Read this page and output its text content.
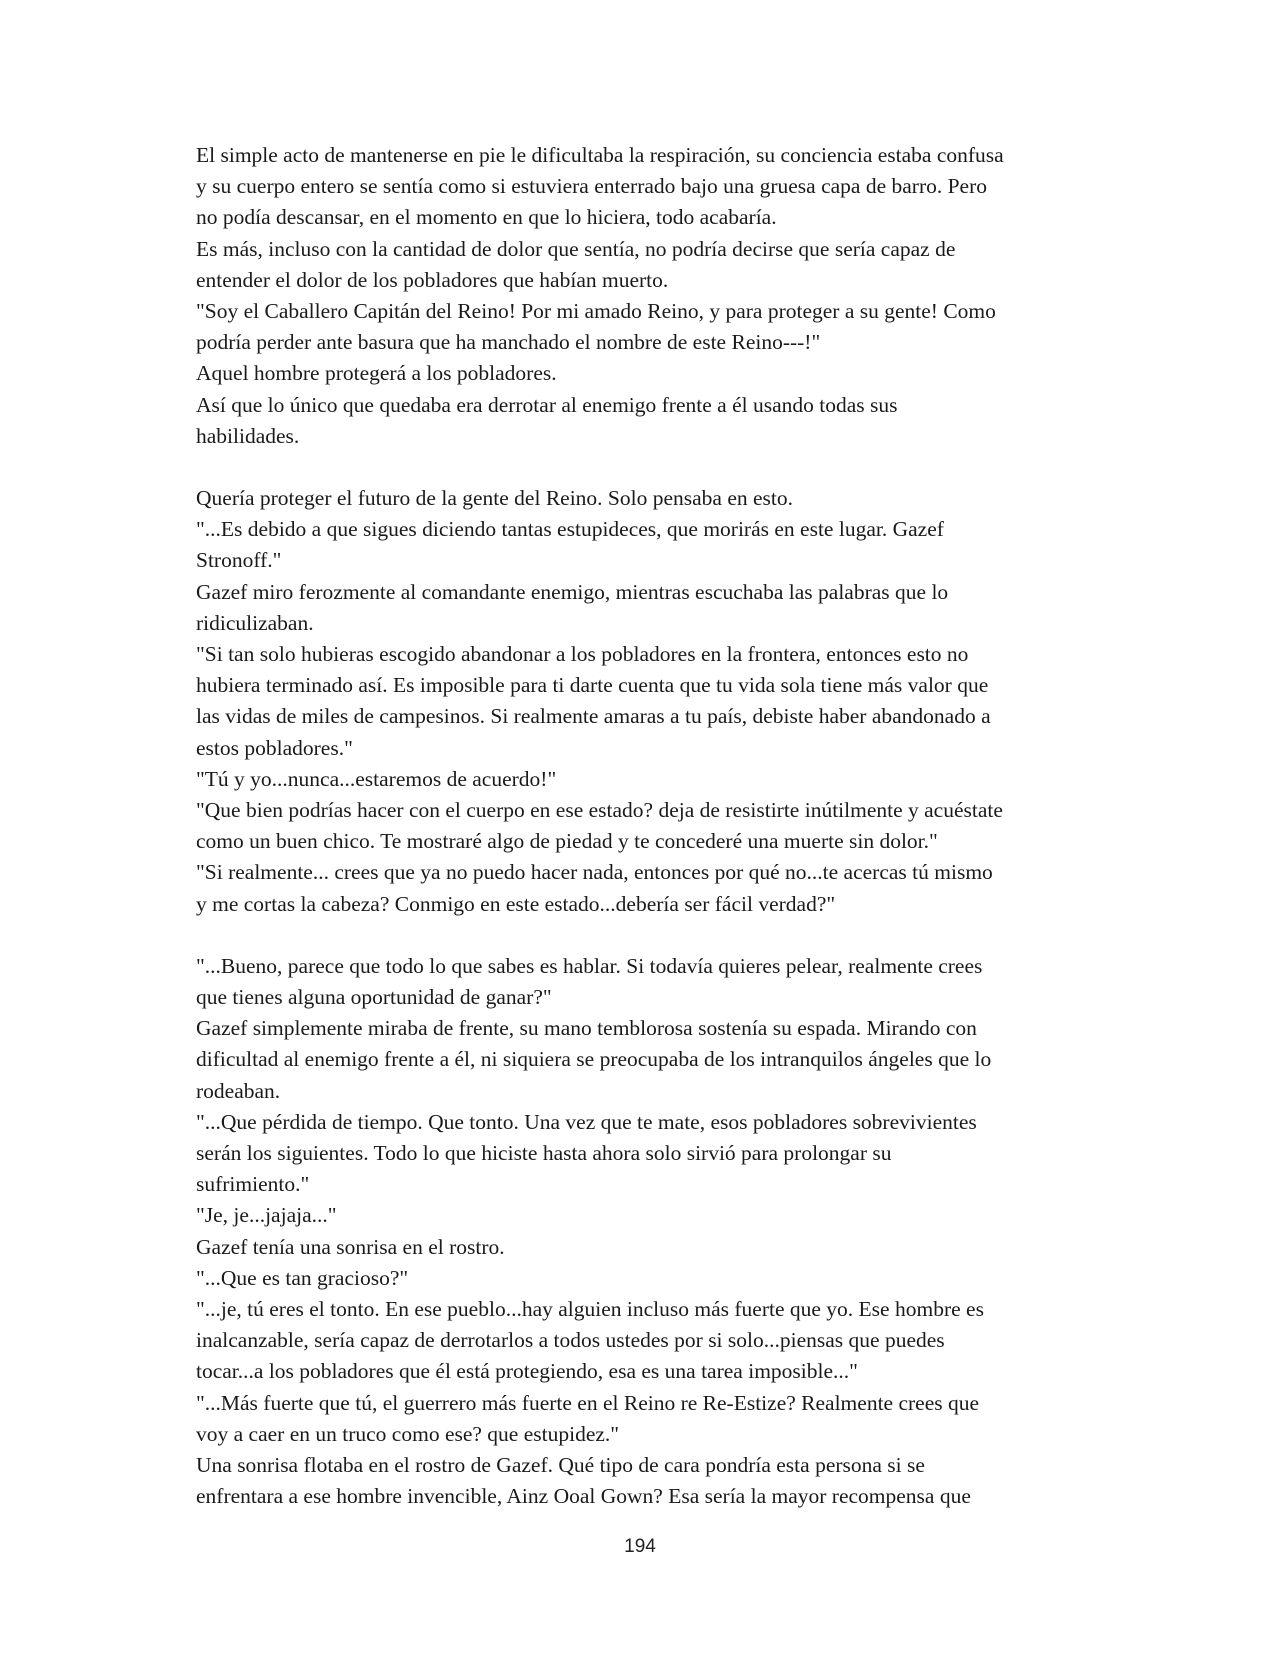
El simple acto de mantenerse en pie le dificultaba la respiración, su conciencia estaba confusa
y su cuerpo entero se sentía como si estuviera enterrado bajo una gruesa capa de barro. Pero
no podía descansar, en el momento en que lo hiciera, todo acabaría.
Es más, incluso con la cantidad de dolor que sentía, no podría decirse que sería capaz de
entender el dolor de los pobladores que habían muerto.
"Soy el Caballero Capitán del Reino! Por mi amado Reino, y para proteger a su gente! Como
podría perder ante basura que ha manchado el nombre de este Reino---!"
Aquel hombre protegerá a los pobladores.
Así que lo único que quedaba era derrotar al enemigo frente a él usando todas sus
habilidades.
Quería proteger el futuro de la gente del Reino. Solo pensaba en esto.
"...Es debido a que sigues diciendo tantas estupideces, que morirás en este lugar. Gazef
Stronoff."
Gazef miro ferozmente al comandante enemigo, mientras escuchaba las palabras que lo
ridiculizaban.
"Si tan solo hubieras escogido abandonar a los pobladores en la frontera, entonces esto no
hubiera terminado así. Es imposible para ti darte cuenta que tu vida sola tiene más valor que
las vidas de miles de campesinos. Si realmente amaras a tu país, debiste haber abandonado a
estos pobladores."
"Tú y yo...nunca...estaremos de acuerdo!"
"Que bien podrías hacer con el cuerpo en ese estado? deja de resistirte inútilmente y acuéstate
como un buen chico. Te mostraré algo de piedad y te concederé una muerte sin dolor."
"Si realmente... crees que ya no puedo hacer nada, entonces por qué no...te acercas tú mismo
y me cortas la cabeza? Conmigo en este estado...debería ser fácil verdad?"
"...Bueno, parece que todo lo que sabes es hablar. Si todavía quieres pelear, realmente crees
que tienes alguna oportunidad de ganar?"
Gazef simplemente miraba de frente, su mano temblorosa sostenía su espada. Mirando con
dificultad al enemigo frente a él, ni siquiera se preocupaba de los intranquilos ángeles que lo
rodeaban.
"...Que pérdida de tiempo. Que tonto. Una vez que te mate, esos pobladores sobrevivientes
serán los siguientes. Todo lo que hiciste hasta ahora solo sirvió para prolongar su
sufrimiento."
"Je, je...jajaja..."
Gazef tenía una sonrisa en el rostro.
"...Que es tan gracioso?"
"...je, tú eres el tonto. En ese pueblo...hay alguien incluso más fuerte que yo. Ese hombre es
inalcanzable, sería capaz de derrotarlos a todos ustedes por si solo...piensas que puedes
tocar...a los pobladores que él está protegiendo, esa es una tarea imposible..."
"...Más fuerte que tú, el guerrero más fuerte en el Reino re Re-Estize? Realmente crees que
voy a caer en un truco como ese? que estupidez."
Una sonrisa flotaba en el rostro de Gazef. Qué tipo de cara pondría esta persona si se
enfrentara a ese hombre invencible, Ainz Ooal Gown? Esa sería la mayor recompensa que
194
